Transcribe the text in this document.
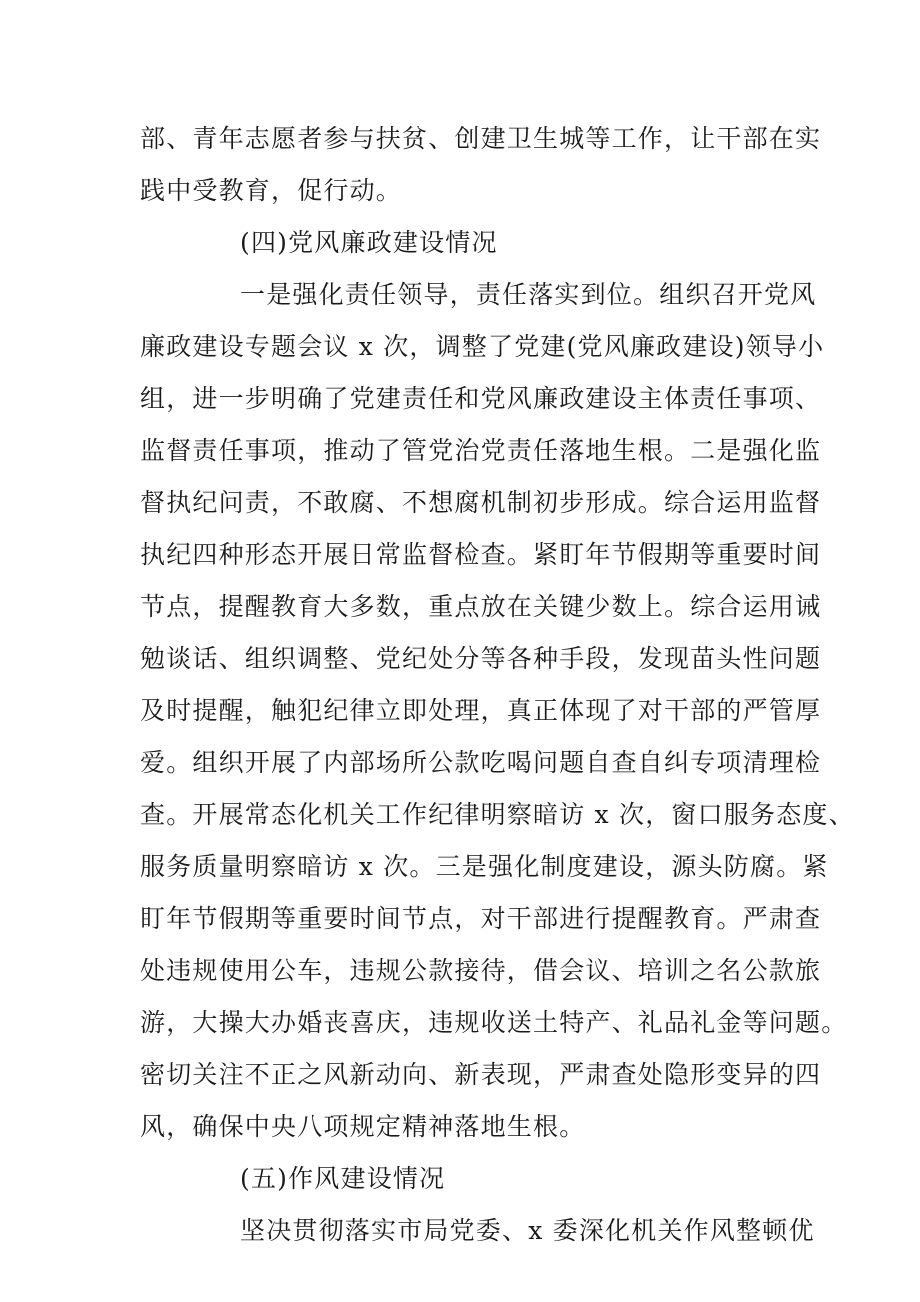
部、青年志愿者参与扶贫、创建卫生城等工作，让干部在实
践中受教育，促行动。
(四)党风廉政建设情况
一是强化责任领导，责任落实到位。组织召开党风
廉政建设专题会议 x 次，调整了党建(党风廉政建设)领导小
组，进一步明确了党建责任和党风廉政建设主体责任事项、
监督责任事项，推动了管党治党责任落地生根。二是强化监
督执纪问责，不敢腐、不想腐机制初步形成。综合运用监督
执纪四种形态开展日常监督检查。紧盯年节假期等重要时间
节点，提醒教育大多数，重点放在关键少数上。综合运用诫
勉谈话、组织调整、党纪处分等各种手段，发现苗头性问题
及时提醒，触犯纪律立即处理，真正体现了对干部的严管厚
爱。组织开展了内部场所公款吃喝问题自查自纠专项清理检
查。开展常态化机关工作纪律明察暗访 x 次，窗口服务态度、
服务质量明察暗访 x 次。三是强化制度建设，源头防腐。紧
盯年节假期等重要时间节点，对干部进行提醒教育。严肃查
处违规使用公车，违规公款接待，借会议、培训之名公款旅
游，大操大办婚丧喜庆，违规收送土特产、礼品礼金等问题。
密切关注不正之风新动向、新表现，严肃查处隐形变异的四
风，确保中央八项规定精神落地生根。
(五)作风建设情况
坚决贯彻落实市局党委、x 委深化机关作风整顿优
